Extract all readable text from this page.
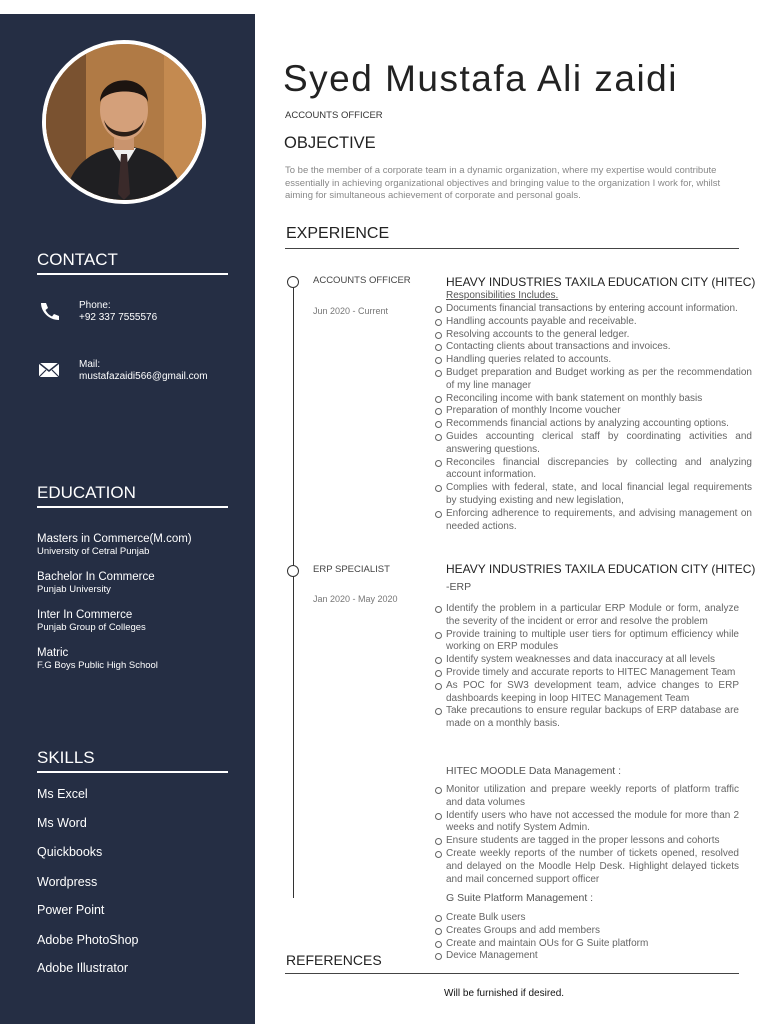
CONTACT
Phone:
+92 337 7555576
Mail:
mustafazaidi566@gmail.com
EDUCATION
Masters in Commerce(M.com)
University of Cetral Punjab
Bachelor In Commerce
Punjab University
Inter In Commerce
Punjab Group of Colleges
Matric
F.G Boys Public High School
SKILLS
Ms Excel
Ms Word
Quickbooks
Wordpress
Power Point
Adobe PhotoShop
Adobe Illustrator
Syed Mustafa Ali zaidi
ACCOUNTS OFFICER
OBJECTIVE
To be the member of a corporate team in a dynamic organization, where my expertise would contribute essentially in achieving organizational objectives and bringing value to the organization I work for, whilst aiming for simultaneous achievement of corporate and personal goals.
EXPERIENCE
ACCOUNTS OFFICER
Jun 2020 - Current
HEAVY INDUSTRIES TAXILA EDUCATION CITY (HITEC)
Responsibilities Includes.
Documents financial transactions by entering account information.
Handling accounts payable and receivable.
Resolving accounts to the general ledger.
Contacting clients about transactions and invoices.
Handling queries related to accounts.
Budget preparation and Budget working as per the recommendation of my line manager
Reconciling income with bank statement on monthly basis
Preparation of monthly Income voucher
Recommends financial actions by analyzing accounting options.
Guides accounting clerical staff by coordinating activities and answering questions.
Reconciles financial discrepancies by collecting and analyzing account information.
Complies with federal, state, and local financial legal requirements by studying existing and new legislation,
Enforcing adherence to requirements, and advising management on needed actions.
ERP SPECIALIST
Jan 2020 - May 2020
HEAVY INDUSTRIES TAXILA EDUCATION CITY (HITEC)
-ERP
Identify the problem in a particular ERP Module or form, analyze the severity of the incident or error and resolve the problem
Provide training to multiple user tiers for optimum efficiency while working on ERP modules
Identify system weaknesses and data inaccuracy at all levels
Provide timely and accurate reports to HITEC Management Team
As POC for SW3 development team, advice changes to ERP dashboards keeping in loop HITEC Management Team
Take precautions to ensure regular backups of ERP database are made on a monthly basis.
HITEC MOODLE Data Management :
Monitor utilization and prepare weekly reports of platform traffic and data volumes
Identify users who have not accessed the module for more than 2 weeks and notify System Admin.
Ensure students are tagged in the proper lessons and cohorts
Create weekly reports of the number of tickets opened, resolved and delayed on the Moodle Help Desk. Highlight delayed tickets and mail concerned support officer
G Suite Platform Management :
Create Bulk users
Creates Groups and add members
Create and maintain OUs for G Suite platform
Device Management
REFERENCES
Will be furnished if desired.
